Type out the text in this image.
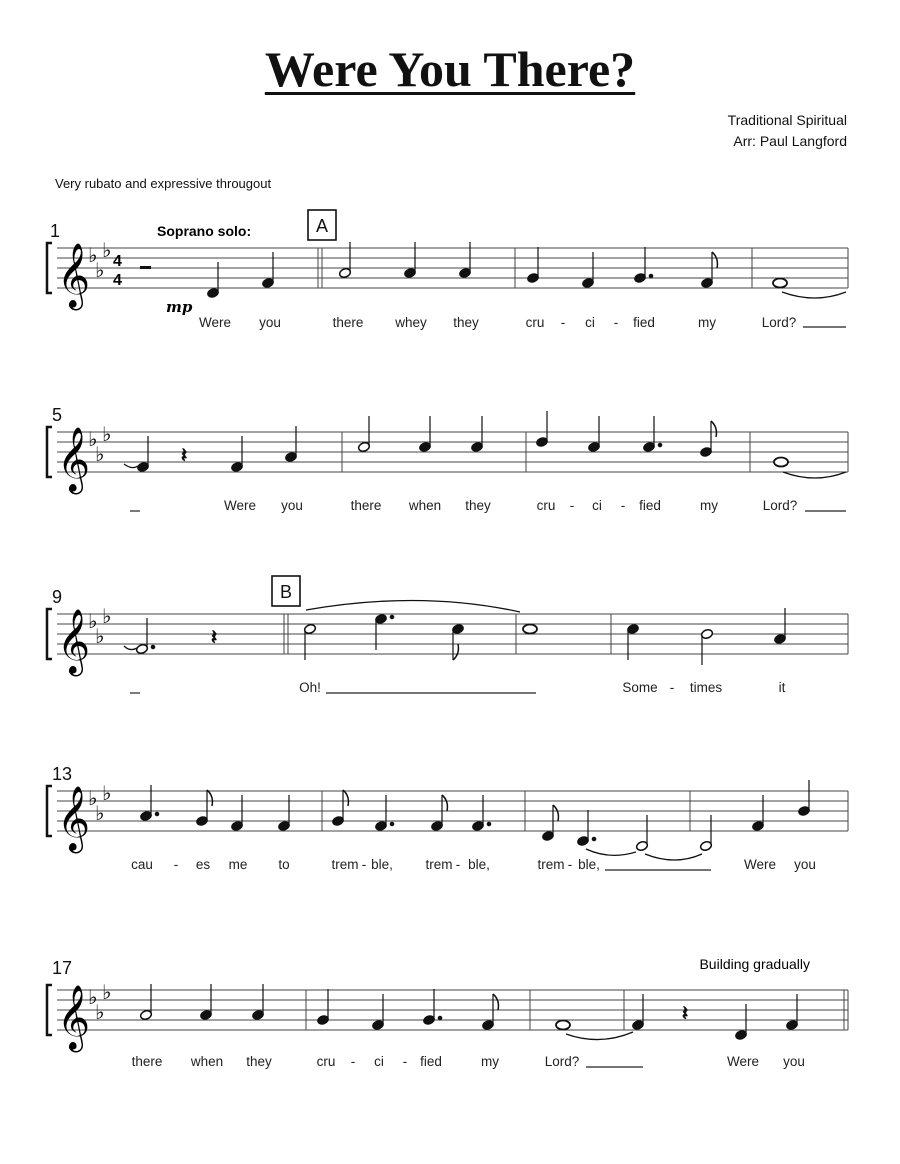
Were You There?
Traditional Spiritual
Arr: Paul Langford
Very rubato and expressive througout
1	Soprano solo:	A
𝄞
♭
♭
♭ 4
4
mp
Were you	there whey they	cru - ci - fied	my	Lord?
5
𝄞
♭
♭
♭
𝄽
Were you	there when they	cru - ci - fied	my	Lord?
9	B
𝄞
♭
♭
♭
𝄽
Oh!	Some - times	it
13
𝄞
♭
♭
♭
cau - es me to	trem - ble, trem - ble,	trem - ble,	Were you
17	Building gradually
𝄞
♭
♭
♭
𝄽
there when they	cru - ci - fied	my	Lord?	Were you
